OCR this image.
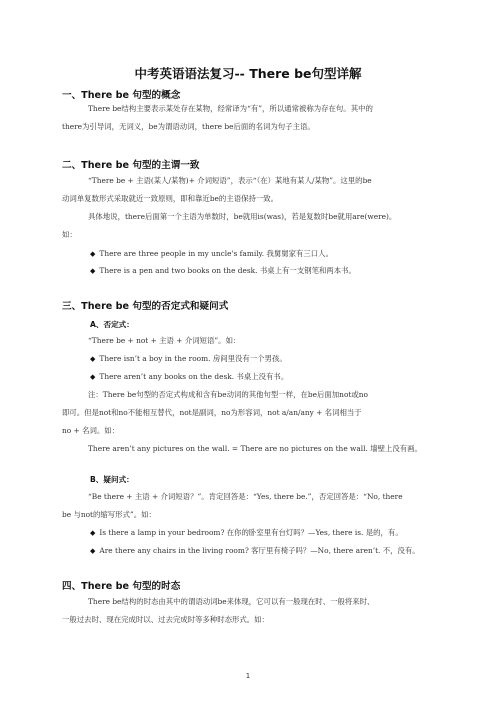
中考英语语法复习-- There be句型详解
一、There be 句型的概念
There be结构主要表示某处存在某物，经常译为“有”，所以通常被称为存在句。其中的
there为引导词，无词义，be为谓语动词，there be后面的名词为句子主语。
二、There be 句型的主谓一致
“There be + 主语(某人/某物)+ 介词短语”，表示“（在）某地有某人/某物”。这里的be
动词单复数形式采取就近一致原则，即和靠近be的主语保持一致。
具体地说，there后面第一个主语为单数时，be就用is(was)，若是复数时be就用are(were)。
如：
◆ There are three people in my uncle's family. 我舅舅家有三口人。
◆ There is a pen and two books on the desk. 书桌上有一支钢笔和两本书。
三、There be 句型的否定式和疑问式
A、否定式：
“There be + not + 主语 + 介词短语”。如：
◆ There isn’t a boy in the room. 房间里没有一个男孩。
◆ There aren’t any books on the desk. 书桌上没有书。
注：There be句型的否定式构成和含有be动词的其他句型一样，在be后面加not或no
即可。但是not和no不能相互替代，not是副词，no为形容词，not a/an/any + 名词相当于
no + 名词。如：
There aren’t any pictures on the wall. = There are no pictures on the wall. 墙壁上没有画。
B、疑问式：
“Be there + 主语 + 介词短语？”。肯定回答是：“Yes, there be.”，否定回答是：“No, there
be 与not的缩写形式”。如：
◆ Is there a lamp in your bedroom? 在你的卧室里有台灯吗？—Yes, there is. 是的，有。
◆ Are there any chairs in the living room? 客厅里有椅子吗？—No, there aren’t. 不，没有。
四、There be 句型的时态
There be结构的时态由其中的谓语动词be来体现，它可以有一般现在时、一般将来时、
一般过去时、现在完成时以、过去完成时等多种时态形式。如：
1
